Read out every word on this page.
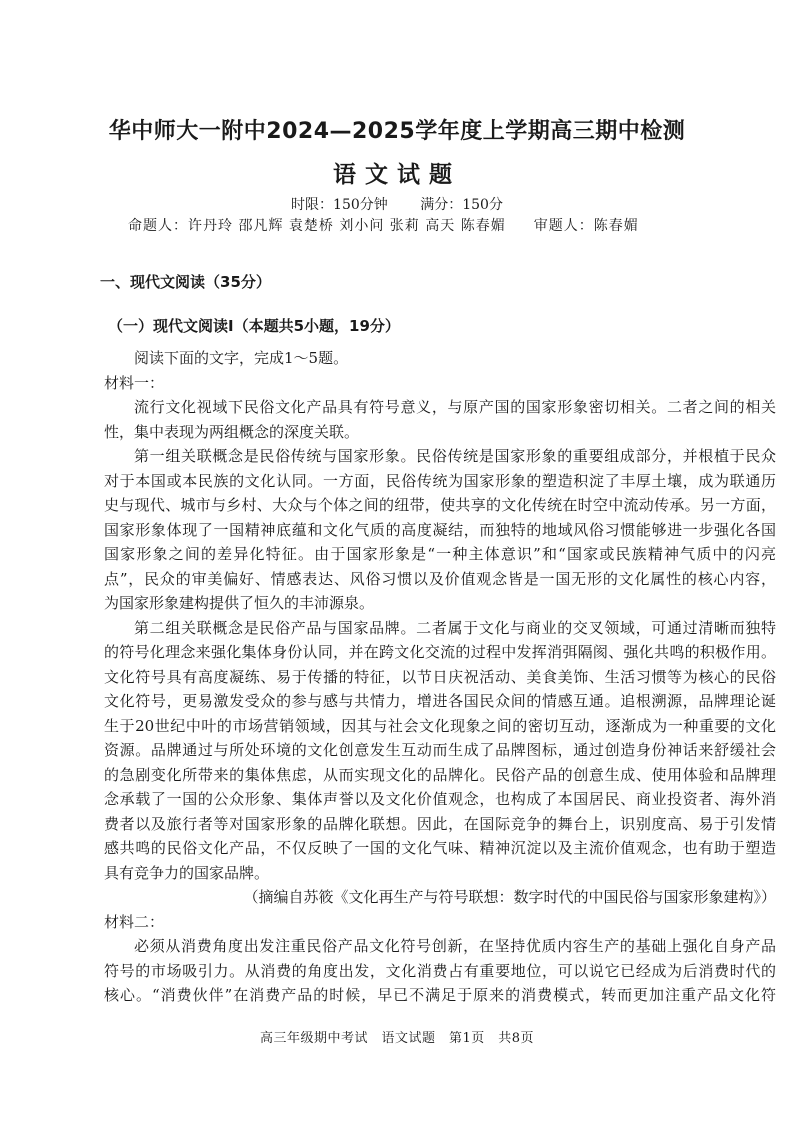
华中师大一附中2024—2025学年度上学期高三期中检测
语文试题
时限：150分钟 满分：150分
命题人：许丹玲 邵凡辉 袁楚桥 刘小问 张莉 高天 陈春媚 审题人：陈春媚
一、现代文阅读（35分）
（一）现代文阅读Ⅰ（本题共5小题，19分）
阅读下面的文字，完成1～5题。
材料一：
流行文化视域下民俗文化产品具有符号意义，与原产国的国家形象密切相关。二者之间的相关
性，集中表现为两组概念的深度关联。
第一组关联概念是民俗传统与国家形象。民俗传统是国家形象的重要组成部分，并根植于民众
对于本国或本民族的文化认同。一方面，民俗传统为国家形象的塑造积淀了丰厚土壤，成为联通历
史与现代、城市与乡村、大众与个体之间的纽带，使共享的文化传统在时空中流动传承。另一方面，
国家形象体现了一国精神底蕴和文化气质的高度凝结，而独特的地域风俗习惯能够进一步强化各国
国家形象之间的差异化特征。由于国家形象是“一种主体意识”和“国家或民族精神气质中的闪亮
点”，民众的审美偏好、情感表达、风俗习惯以及价值观念皆是一国无形的文化属性的核心内容，
为国家形象建构提供了恒久的丰沛源泉。
第二组关联概念是民俗产品与国家品牌。二者属于文化与商业的交叉领域，可通过清晰而独特
的符号化理念来强化集体身份认同，并在跨文化交流的过程中发挥消弭隔阂、强化共鸣的积极作用。
文化符号具有高度凝练、易于传播的特征，以节日庆祝活动、美食美饰、生活习惯等为核心的民俗
文化符号，更易激发受众的参与感与共情力，增进各国民众间的情感互通。追根溯源，品牌理论诞
生于20世纪中叶的市场营销领域，因其与社会文化现象之间的密切互动，逐渐成为一种重要的文化
资源。品牌通过与所处环境的文化创意发生互动而生成了品牌图标，通过创造身份神话来舒缓社会
的急剧变化所带来的集体焦虑，从而实现文化的品牌化。民俗产品的创意生成、使用体验和品牌理
念承载了一国的公众形象、集体声誉以及文化价值观念，也构成了本国居民、商业投资者、海外消
费者以及旅行者等对国家形象的品牌化联想。因此，在国际竞争的舞台上，识别度高、易于引发情
感共鸣的民俗文化产品，不仅反映了一国的文化气味、精神沉淀以及主流价值观念，也有助于塑造
具有竞争力的国家品牌。
（摘编自苏筱《文化再生产与符号联想：数字时代的中国民俗与国家形象建构》）
材料二：
必须从消费角度出发注重民俗产品文化符号创新，在坚持优质内容生产的基础上强化自身产品
符号的市场吸引力。从消费的角度出发，文化消费占有重要地位，可以说它已经成为后消费时代的
核心。“消费伙伴”在消费产品的时候，早已不满足于原来的消费模式，转而更加注重产品文化符
高三年级期中考试　语文试题　第1页　共8页
